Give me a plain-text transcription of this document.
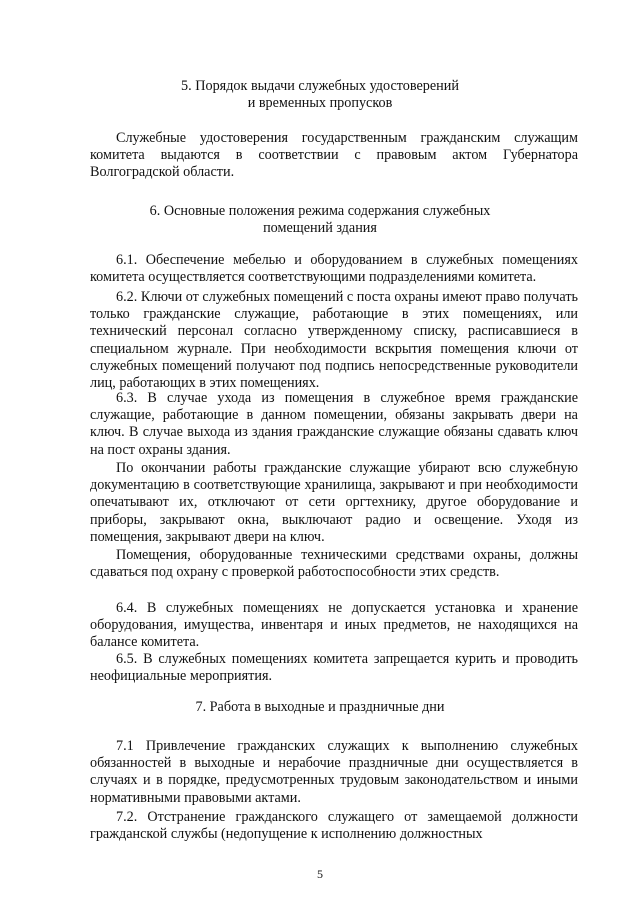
5. Порядок выдачи служебных удостоверений
и временных пропусков

Служебные удостоверения государственным гражданским служащим комитета выдаются в соответствии с правовым актом Губернатора Волгоградской области.

6. Основные положения режима содержания служебных
помещений здания

6.1. Обеспечение мебелью и оборудованием в служебных помещениях комитета осуществляется соответствующими подразделениями комитета.

6.2. Ключи от служебных помещений с поста охраны имеют право получать только гражданские служащие, работающие в этих помещениях, или технический персонал согласно утвержденному списку, расписавшиеся в специальном журнале. При необходимости вскрытия помещения ключи от служебных помещений получают под подпись непосредственные руководители лиц, работающих в этих помещениях.

6.3. В случае ухода из помещения в служебное время гражданские служащие, работающие в данном помещении, обязаны закрывать двери на ключ. В случае выхода из здания гражданские служащие обязаны сдавать ключ на пост охраны здания.

По окончании работы гражданские служащие убирают всю служебную документацию в соответствующие хранилища, закрывают и при необходимости опечатывают их, отключают от сети оргтехнику, другое оборудование и приборы, закрывают окна, выключают радио и освещение. Уходя из помещения, закрывают двери на ключ.

Помещения, оборудованные техническими средствами охраны, должны сдаваться под охрану с проверкой работоспособности этих средств.

6.4. В служебных помещениях не допускается установка и хранение оборудования, имущества, инвентаря и иных предметов, не находящихся на балансе комитета.

6.5. В служебных помещениях комитета запрещается курить и проводить неофициальные мероприятия.

7. Работа в выходные и праздничные дни

7.1 Привлечение гражданских служащих к выполнению служебных обязанностей в выходные и нерабочие праздничные дни осуществляется в случаях и в порядке, предусмотренных трудовым законодательством и иными нормативными правовыми актами.

7.2. Отстранение гражданского служащего от замещаемой должности гражданской службы (недопущение к исполнению должностных

5
